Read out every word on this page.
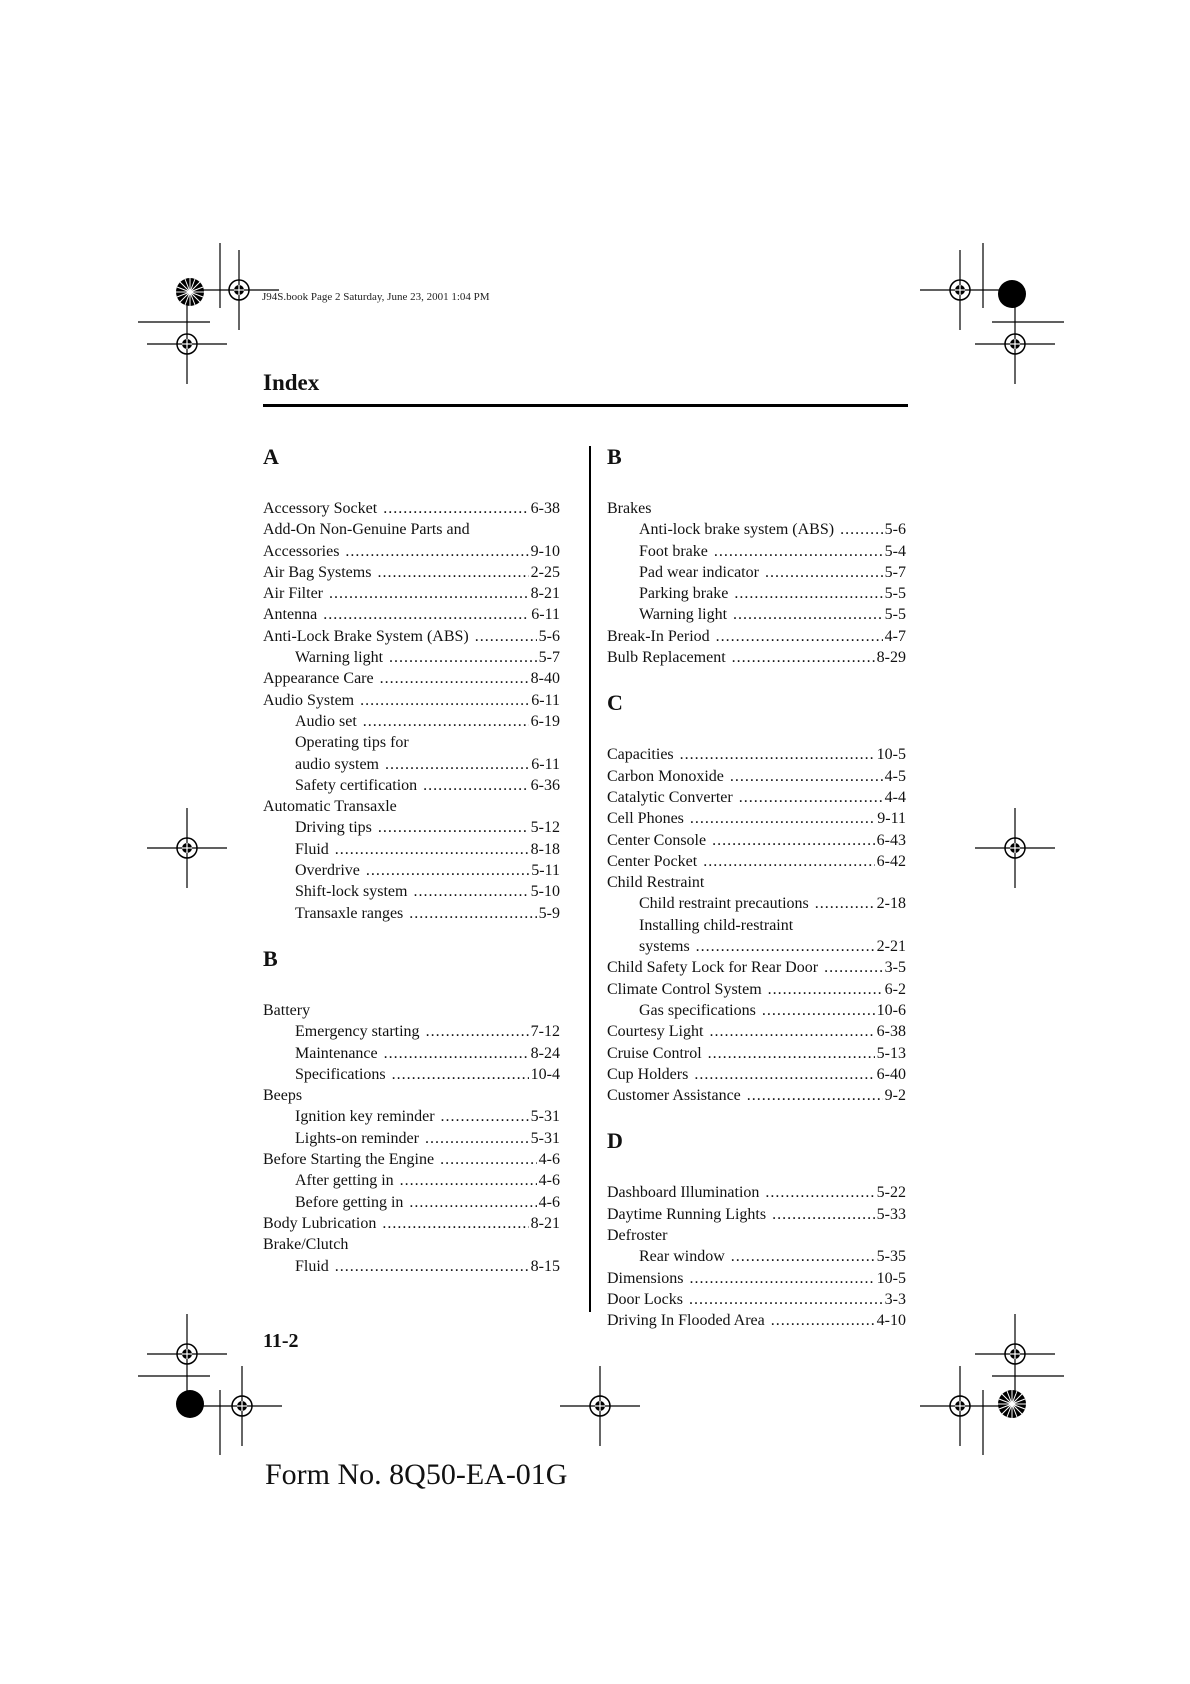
J94S.book Page 2 Saturday, June 23, 2001 1:04 PM
Index
A
Accessory Socket .....	6-38
Add-On Non-Genuine Parts and
Accessories .....	9-10
Air Bag Systems .....	2-25
Air Filter .....	8-21
Antenna .....	6-11
Anti-Lock Brake System (ABS) .....	5-6
Warning light .....	5-7
Appearance Care .....	8-40
Audio System .....	6-11
Audio set .....	6-19
Operating tips for
audio system .....	6-11
Safety certification .....	6-36
Automatic Transaxle
Driving tips .....	5-12
Fluid .....	8-18
Overdrive .....	5-11
Shift-lock system .....	5-10
Transaxle ranges .....	5-9
B
Battery
Emergency starting .....	7-12
Maintenance .....	8-24
Specifications .....	10-4
Beeps
Ignition key reminder .....	5-31
Lights-on reminder .....	5-31
Before Starting the Engine .....	4-6
After getting in .....	4-6
Before getting in .....	4-6
Body Lubrication .....	8-21
Brake/Clutch
Fluid .....	8-15
B
Brakes
Anti-lock brake system (ABS) .....	5-6
Foot brake .....	5-4
Pad wear indicator .....	5-7
Parking brake .....	5-5
Warning light .....	5-5
Break-In Period .....	4-7
Bulb Replacement .....	8-29
C
Capacities .....	10-5
Carbon Monoxide .....	4-5
Catalytic Converter .....	4-4
Cell Phones .....	9-11
Center Console .....	6-43
Center Pocket .....	6-42
Child Restraint
Child restraint precautions .....	2-18
Installing child-restraint
systems .....	2-21
Child Safety Lock for Rear Door .....	3-5
Climate Control System .....	6-2
Gas specifications .....	10-6
Courtesy Light .....	6-38
Cruise Control .....	5-13
Cup Holders .....	6-40
Customer Assistance .....	9-2
D
Dashboard Illumination .....	5-22
Daytime Running Lights .....	5-33
Defroster
Rear window .....	5-35
Dimensions .....	10-5
Door Locks .....	3-3
Driving In Flooded Area .....	4-10
11-2
Form No. 8Q50-EA-01G
